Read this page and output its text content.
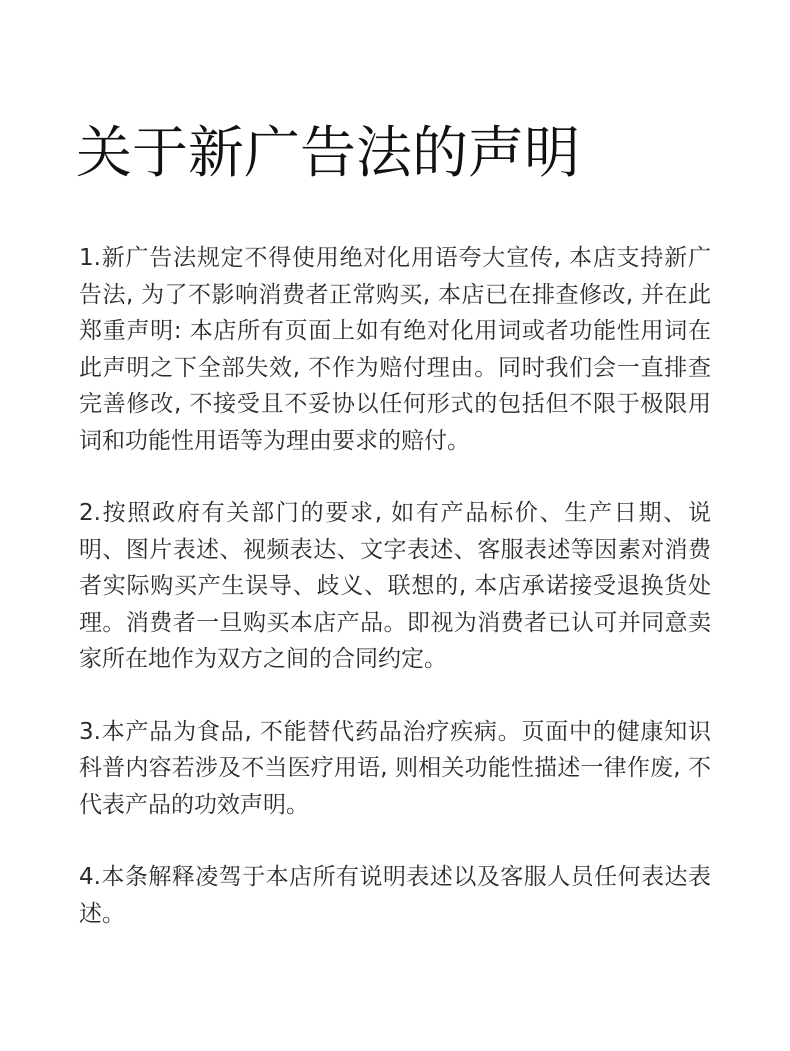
关于新广告法的声明

1.新广告法规定不得使用绝对化用语夸大宣传, 本店支持新广告法, 为了不影响消费者正常购买, 本店已在排查修改, 并在此郑重声明: 本店所有页面上如有绝对化用词或者功能性用词在此声明之下全部失效, 不作为赔付理由。同时我们会一直排查完善修改, 不接受且不妥协以任何形式的包括但不限于极限用词和功能性用语等为理由要求的赔付。

2.按照政府有关部门的要求, 如有产品标价、生产日期、说明、图片表述、视频表达、文字表述、客服表述等因素对消费者实际购买产生误导、歧义、联想的, 本店承诺接受退换货处理。消费者一旦购买本店产品。即视为消费者已认可并同意卖家所在地作为双方之间的合同约定。

3.本产品为食品, 不能替代药品治疗疾病。页面中的健康知识科普内容若涉及不当医疗用语, 则相关功能性描述一律作废, 不代表产品的功效声明。

4.本条解释凌驾于本店所有说明表述以及客服人员任何表达表述。
